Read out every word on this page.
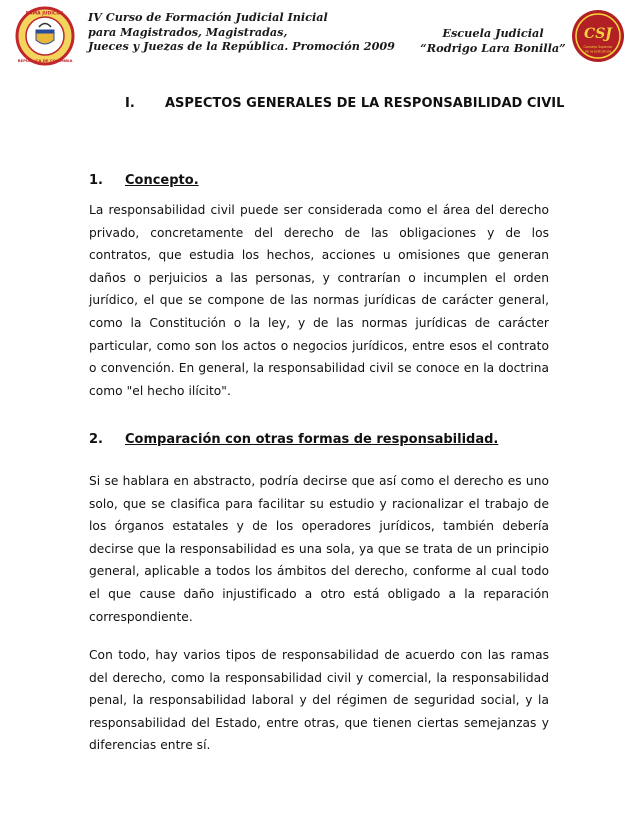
RAMA JUDICIAL
REPÚBLICA DE COLOMBIA
IV Curso de Formación Judicial Inicial
para Magistrados, Magistradas,
Jueces y Juezas de la República. Promoción 2009
Escuela Judicial
“Rodrigo Lara Bonilla”
CSJ
Consejo Superior
de la Judicatura
I. ASPECTOS GENERALES DE LA RESPONSABILIDAD CIVIL
1. Concepto.

La responsabilidad civil puede ser considerada como el área del derecho privado, concretamente del derecho de las obligaciones y de los contratos, que estudia los hechos, acciones u omisiones que generan daños o perjuicios a las personas, y contrarían o incumplen el orden jurídico, el que se compone de las normas jurídicas de carácter general, como la Constitución o la ley, y de las normas jurídicas de carácter particular, como son los actos o negocios jurídicos, entre esos el contrato o convención. En general, la responsabilidad civil se conoce en la doctrina como "el hecho ilícito".

2. Comparación con otras formas de responsabilidad.

Si se hablara en abstracto, podría decirse que así como el derecho es uno solo, que se clasifica para facilitar su estudio y racionalizar el trabajo de los órganos estatales y de los operadores jurídicos, también debería decirse que la responsabilidad es una sola, ya que se trata de un principio general, aplicable a todos los ámbitos del derecho, conforme al cual todo el que cause daño injustificado a otro está obligado a la reparación correspondiente.

Con todo, hay varios tipos de responsabilidad de acuerdo con las ramas del derecho, como la responsabilidad civil y comercial, la responsabilidad penal, la responsabilidad laboral y del régimen de seguridad social, y la responsabilidad del Estado, entre otras, que tienen ciertas semejanzas y diferencias entre sí.
